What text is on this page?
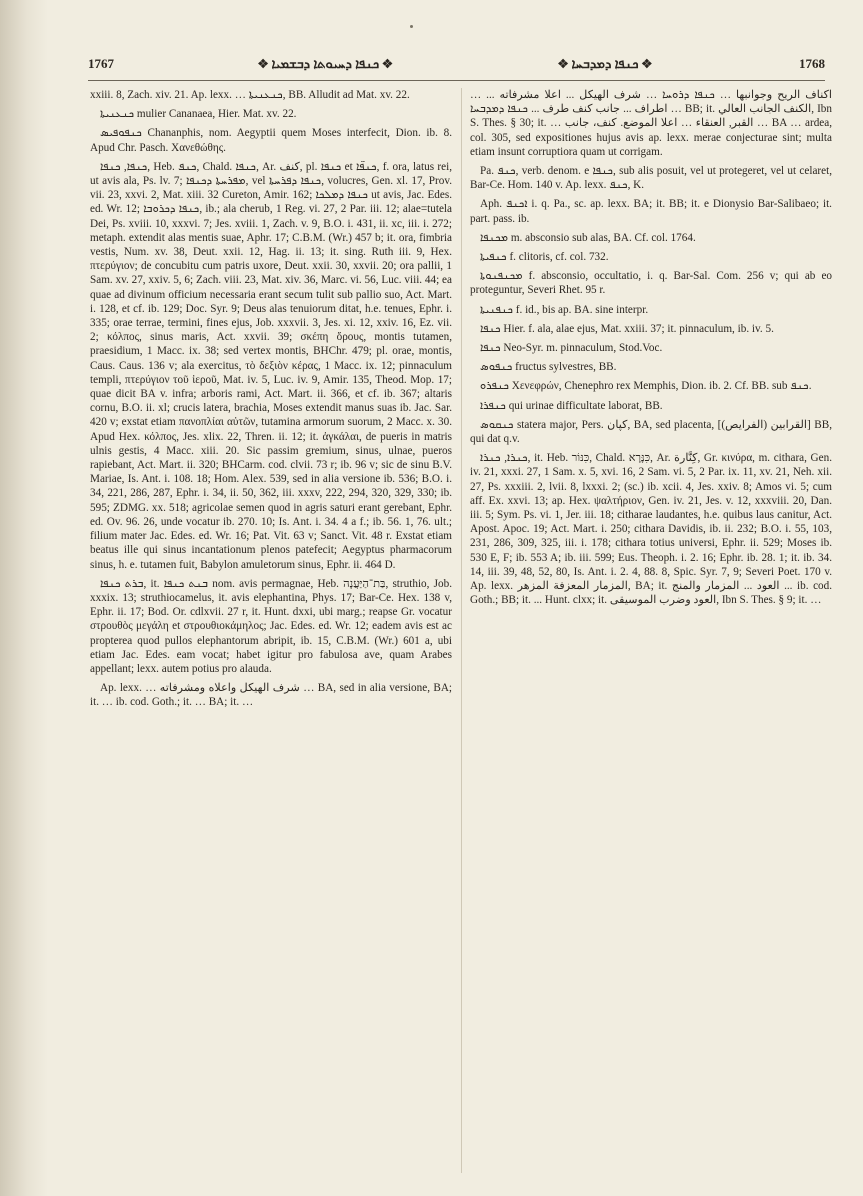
1767	❖ ܟܢܦܐ ܕܚܝܘܬܐ ܕܒܫܡܝܐ ❖	❖ ܟܢܦܐ ܕܡܕܒܚܐ ❖	1768

xxiii. 8, Zach. xiv. 21. Ap. lexx. … ܟܢܥܢܝܬܐ, BB. Alludit ad Mat. xv. 22.

ܟܢܥܢܝܬܐ mulier Cananaea, Hier. Mat. xv. 22.

ܟܢܦܘܦܝܣ Chananphis, nom. Aegyptii quem Moses interfecit, Dion. ib. 8. Apud Chr. Pasch. Χανεθώθης.

ܟܢܦܐ, ܟܢܦܐ, Heb. ܟܢܦ, Chald. ܟܢܦܐ, Ar. كنف, pl. ܟܢܦܐ et ܟܢܦ̈ܐ, f. ora, latus rei, ut avis ala, Ps. lv. 7; ܡܦܪܚܬܐ ܕܟܢܦܐ, vel ܟܢܦܐ ܕܦܪܚܬܐ, volucres, Gen. xl. 17, Prov. vii. 23, xxvi. 2, Mat. xiii. 32 Cureton, Amir. 162; ܟܢܦܐ ܕܡܠܟܐ ut avis, Jac. Edes. ed. Wr. 12; ܟܢܦܐ ܕܟܪܘܒܐ, ib.; ala cherub, 1 Reg. vi. 27, 2 Par. iii. 12; alae=tutela Dei, Ps. xviii. 10, xxxvi. 7; Jes. xviii. 1, Zach. v. 9, B.O. i. 431, ii. xc, iii. i. 272; metaph. extendit alas mentis suae, Aphr. 17; C.B.M. (Wr.) 457 b; it. ora, fimbria vestis, Num. xv. 38, Deut. xxii. 12, Hag. ii. 13; it. sing. Ruth iii. 9, Hex. πτερύγιον; de concubitu cum patris uxore, Deut. xxii. 30, xxvii. 20; ora pallii, 1 Sam. xv. 27, xxiv. 5, 6; Zach. viii. 23, Mat. xiv. 36, Marc. vi. 56, Luc. viii. 44; ea quae ad divinum officium necessaria erant secum tulit sub pallio suo, Act. Mart. i. 128, et cf. ib. 129; Doc. Syr. 9; Deus alas tenuiorum ditat, h.e. tenues, Ephr. i. 335; orae terrae, termini, fines ejus, Job. xxxvii. 3, Jes. xi. 12, xxiv. 16, Ez. vii. 2; κόλπος, sinus maris, Act. xxvii. 39; σκέπη ὄρους, montis tutamen, praesidium, 1 Macc. ix. 38; sed vertex montis, BHChr. 479; pl. orae, montis, Caus. Caus. 136 v; ala exercitus, τὸ δεξιὸν κέρας, 1 Macc. ix. 12; pinnaculum templi, πτερύγιον τοῦ ἱεροῦ, Mat. iv. 5, Luc. iv. 9, Amir. 135, Theod. Mop. 17; quae dicit BA v. infra; arboris rami, Act. Mart. ii. 366, et cf. ib. 367; altaris cornu, B.O. ii. xl; crucis latera, brachia, Moses extendit manus suas ib. Jac. Sar. 420 v; exstat etiam πανοπλίαι αὐτῶν, tutamina armorum suorum, 2 Macc. x. 30. Apud Hex. κόλπος, Jes. xlix. 22, Thren. ii. 12; it. ἀγκάλαι, de pueris in matris ulnis gestis, 4 Macc. xiii. 20. Sic passim gremium, sinus, ulnae, pueros rapiebant, Act. Mart. ii. 320; BHCarm. cod. clvii. 73 r; ib. 96 v; sic de sinu B.V. Mariae, Is. Ant. i. 108. 18; Hom. Alex. 539, sed in alia versione ib. 536; B.O. i. 34, 221, 286, 287, Ephr. i. 34, ii. 50, 362, iii. xxxv, 222, 294, 320, 329, 330; ib. 595; ZDMG. xx. 518; agricolae semen quod in agris saturi erant gerebant, Ephr. ed. Ov. 96. 26, unde vocatur ib. 270. 10; Is. Ant. i. 34. 4 a f.; ib. 56. 1, 76. ult.; filium mater Jac. Edes. ed. Wr. 16; Pat. Vit. 63 v; Sanct. Vit. 48 r. Exstat etiam beatus ille qui sinus incantationum plenos patefecit; Aegyptus pharmacorum sinus, h. e. tutamen fuit, Babylon amuletorum sinus, Ephr. ii. 464 D.

ܒܪܬ ܟܢܦܐ, it. ܒܢܬ ܟܢܦܐ nom. avis permagnae, Heb. בַּת־הַיַּעֲנָה, struthio, Job. xxxix. 13; struthiocamelus, it. avis elephantina, Phys. 17; Bar-Ce. Hex. 138 v, Ephr. ii. 17; Bod. Or. cdlxvii. 27 r, it. Hunt. dxxi, ubi marg.; reapse Gr. vocatur στρουθὸς μεγάλη et στρουθιοκάμηλος; Jac. Edes. ed. Wr. 12; eadem avis est ac propterea quod pullos elephantorum abripit, ib. 15, C.B.M. (Wr.) 601 a, ubi etiam Jac. Edes. eam vocat; habet igitur pro fabulosa ave, quam Arabes appellant; lexx. autem potius pro alauda.

Ap. lexx. … شرف الهيكل واعلاه ومشرفاته … BA, sed in alia versione, BA; it. … ib. cod. Goth.; it. … BA; it. …

… اكناف الريح وجوانبها … ܟܢܦܐ ܕܪܘܚܐ … شرف الهيكل ... اعلا مشرفاته ... اطراف ... جانب كنف طرف ... ܟܢܦܐ ܕܡܕܒܚܐ … BB; it. الكنف الجانب العالي, Ibn S. Thes. § 30; it. … القبر, العنقاء … اعلا الموضع. كنف، جانب … BA … ardea, col. 305, sed expositiones hujus avis ap. lexx. merae conjecturae sint; multa etiam insunt corruptiora quam ut corrigam.

Pa. ܟܢܦ, verb. denom. e ܟܢܦܐ, sub alis posuit, vel ut protegeret, vel ut celaret, Bar-Ce. Hom. 140 v. Ap. lexx. ܟܢܦ, K.

Aph. ܐܟܢܦ i. q. Pa., sc. ap. lexx. BA; it. BB; it. e Dionysio Bar-Salibaeo; it. part. pass. ib.

ܡܟܢܦܐ m. absconsio sub alas, BA. Cf. col. 1764.

ܟܢܦܝܬܐ f. clitoris, cf. col. 732.

ܡܟܢܦܢܘܬܐ f. absconsio, occultatio, i. q. Bar-Sal. Com. 256 v; qui ab eo proteguntur, Severi Rhet. 95 r.

ܟܢܦܢܝܬܐ f. id., bis ap. BA. sine interpr.

ܟܢܦܐ Hier. f. ala, alae ejus, Mat. xxiii. 37; it. pinnaculum, ib. iv. 5.

ܟܢܦܐ Neo-Syr. m. pinnaculum, Stod.Voc.

ܟܢܦܘܣ fructus sylvestres, BB.

ܟܢܦܪܘ Χενεφρών, Chenephro rex Memphis, Dion. ib. 2. Cf. BB. sub ܟܢܦ.

ܟܢܦܪܐ qui urinae difficultate laborat, BB.

ܟܢܩܘܣ statera major, Pers. كپان, BA, sed placenta, [القرابين (الفرايص)] BB, qui dat q.v.

ܟܢܪܐ, ܟܢܪܐ, it. Heb. כִּנּוֹר, Chald. כִּנָּרָא, Ar. كِنَّارة, Gr. κινύρα, m. cithara, Gen. iv. 21, xxxi. 27, 1 Sam. x. 5, xvi. 16, 2 Sam. vi. 5, 2 Par. ix. 11, xv. 21, Neh. xii. 27, Ps. xxxiii. 2, lvii. 8, lxxxi. 2; (sc.) ib. xcii. 4, Jes. xxiv. 8; Amos vi. 5; cum aff. Ex. xxvi. 13; ap. Hex. ψαλτήριον, Gen. iv. 21, Jes. v. 12, xxxviii. 20, Dan. iii. 5; Sym. Ps. vi. 1, Jer. iii. 18; citharae laudantes, h.e. quibus laus canitur, Act. Apost. Apoc. 19; Act. Mart. i. 250; cithara Davidis, ib. ii. 232; B.O. i. 55, 103, 231, 286, 309, 325, iii. i. 178; cithara totius universi, Ephr. ii. 529; Moses ib. 530 E, F; ib. 553 A; ib. iii. 599; Eus. Theoph. i. 2. 16; Ephr. ib. 28. 1; it. ib. 34. 14, iii. 39, 48, 52, 80, Is. Ant. i. 2. 4, 88. 8, Spic. Syr. 7, 9; Severi Poet. 170 v. Ap. lexx. المزمار المعزفة المزهر, BA; it. العود ... المزمار والمنج ... ib. cod. Goth.; BB; it. ... Hunt. clxx; it. العود وضرب الموسيقى, Ibn S. Thes. § 9; it. …
